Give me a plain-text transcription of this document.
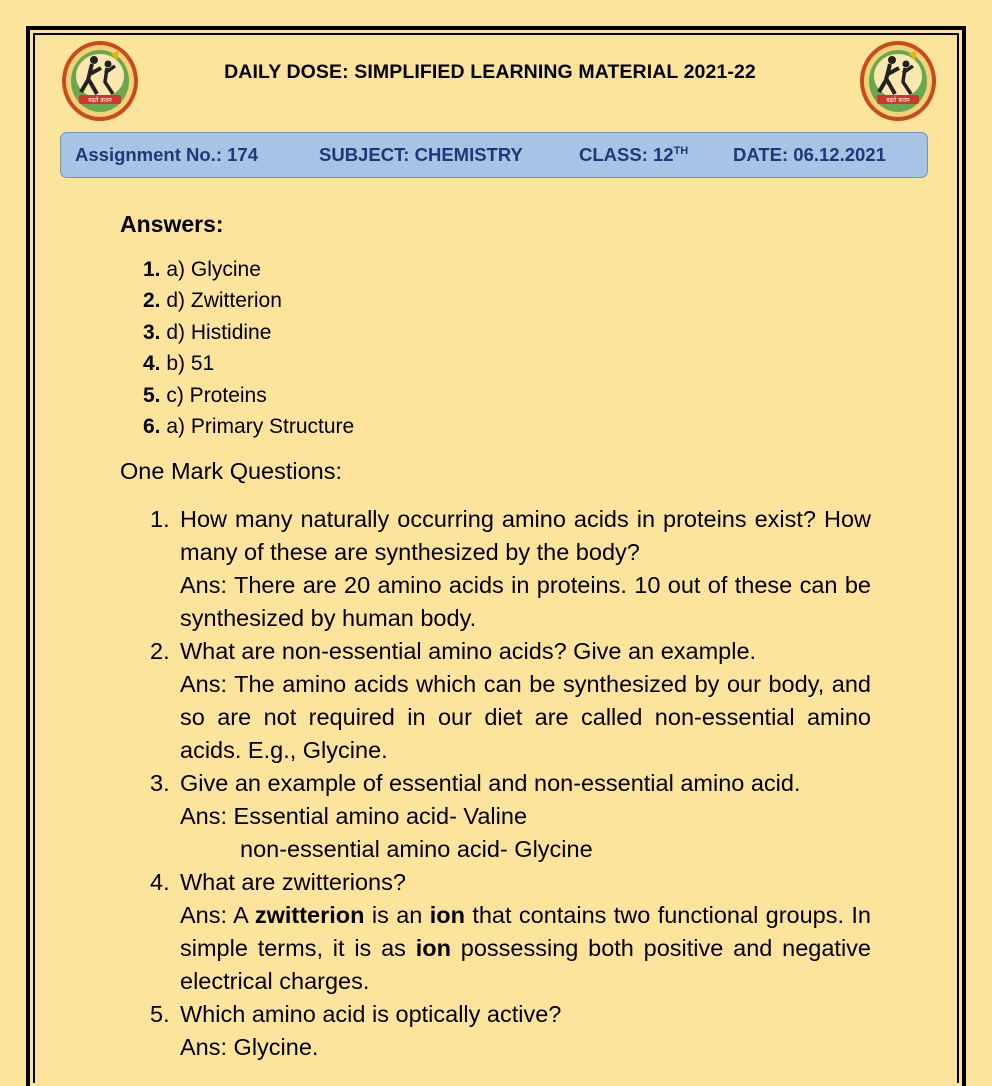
बढ़ते क़दम
DAILY DOSE: SIMPLIFIED LEARNING MATERIAL 2021-22
बढ़ते क़दम
Assignment No.: 174	SUBJECT: CHEMISTRY	CLASS: 12TH DATE: 06.12.2021
Answers:
1. a) Glycine
2. d) Zwitterion
3. d) Histidine
4. b) 51
5. c) Proteins
6. a) Primary Structure
One Mark Questions:
1. How many naturally occurring amino acids in proteins exist? How many of these are synthesized by the body?
Ans: There are 20 amino acids in proteins. 10 out of these can be synthesized by human body.
2. What are non-essential amino acids? Give an example.
Ans: The amino acids which can be synthesized by our body, and so are not required in our diet are called non-essential amino acids. E.g., Glycine.
3. Give an example of essential and non-essential amino acid.
Ans: Essential amino acid- Valine
non-essential amino acid- Glycine
4. What are zwitterions?
Ans: A zwitterion is an ion that contains two functional groups. In simple terms, it is as ion possessing both positive and negative electrical charges.
5. Which amino acid is optically active?
Ans: Glycine.
